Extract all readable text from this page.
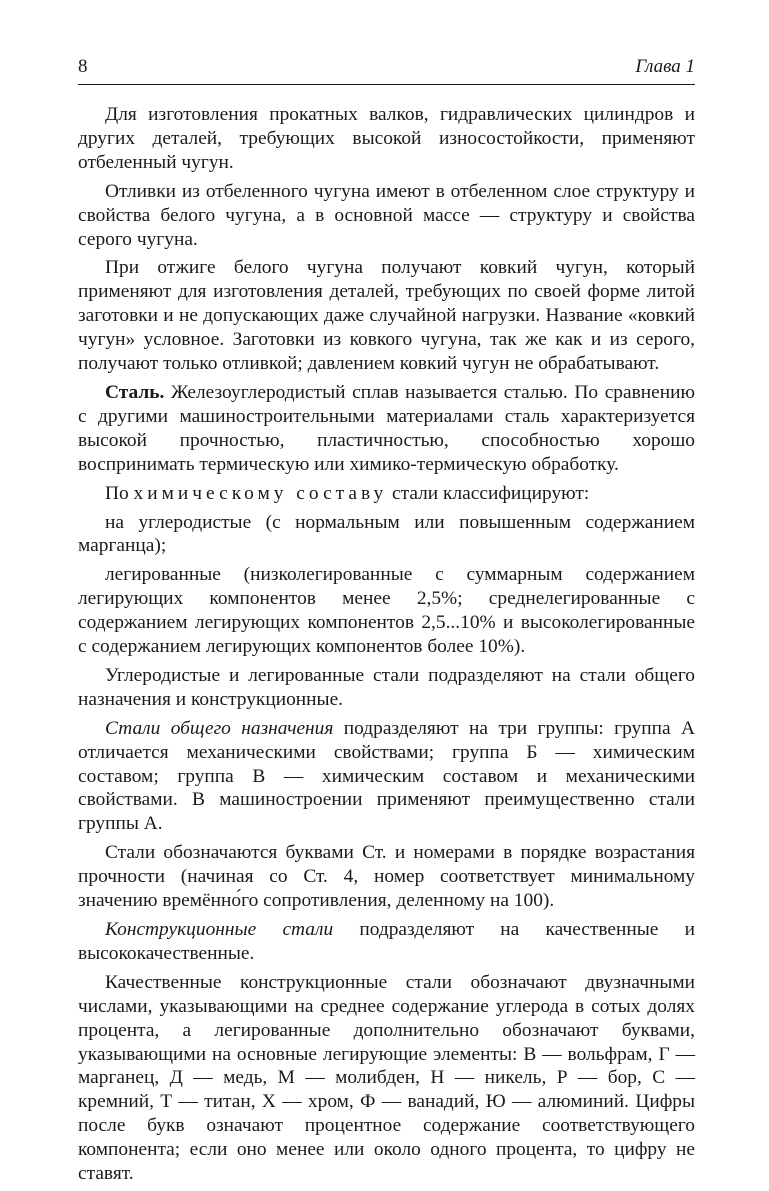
8	Глава 1

Для изготовления прокатных валков, гидравлических цилиндров и других деталей, требующих высокой износостойкости, применяют отбеленный чугун.

Отливки из отбеленного чугуна имеют в отбеленном слое структуру и свойства белого чугуна, а в основной массе — структуру и свойства серого чугуна.

При отжиге белого чугуна получают ковкий чугун, который применяют для изготовления деталей, требующих по своей форме литой заготовки и не допускающих даже случайной нагрузки. Название «ковкий чугун» условное. Заготовки из ковкого чугуна, так же как и из серого, получают только отливкой; давлением ковкий чугун не обрабатывают.

Сталь. Железоуглеродистый сплав называется сталью. По сравнению с другими машиностроительными материалами сталь характеризуется высокой прочностью, пластичностью, способностью хорошо воспринимать термическую или химико-термическую обработку.

По химическому составу стали классифицируют:

на углеродистые (с нормальным или повышенным содержанием марганца);

легированные (низколегированные с суммарным содержанием легирующих компонентов менее 2,5%; среднелегированные с содержанием легирующих компонентов 2,5...10% и высоколегированные с содержанием легирующих компонентов более 10%).

Углеродистые и легированные стали подразделяют на стали общего назначения и конструкционные.

Стали общего назначения подразделяют на три группы: группа А отличается механическими свойствами; группа Б — химическим составом; группа В — химическим составом и механическими свойствами. В машиностроении применяют преимущественно стали группы А.

Стали обозначаются буквами Ст. и номерами в порядке возрастания прочности (начиная со Ст. 4, номер соответствует минимальному значению времённо́го сопротивления, деленному на 100).

Конструкционные стали подразделяют на качественные и высококачественные.

Качественные конструкционные стали обозначают двузначными числами, указывающими на среднее содержание углерода в сотых долях процента, а легированные дополнительно обозначают буквами, указывающими на основные легирующие элементы: В — вольфрам, Г — марганец, Д — медь, М — молибден, Н — никель, Р — бор, С — кремний, Т — титан, Х — хром, Ф — ванадий, Ю — алюминий. Цифры после букв означают процентное содержание соответствующего компонента; если оно менее или около одного процента, то цифру не ставят.
